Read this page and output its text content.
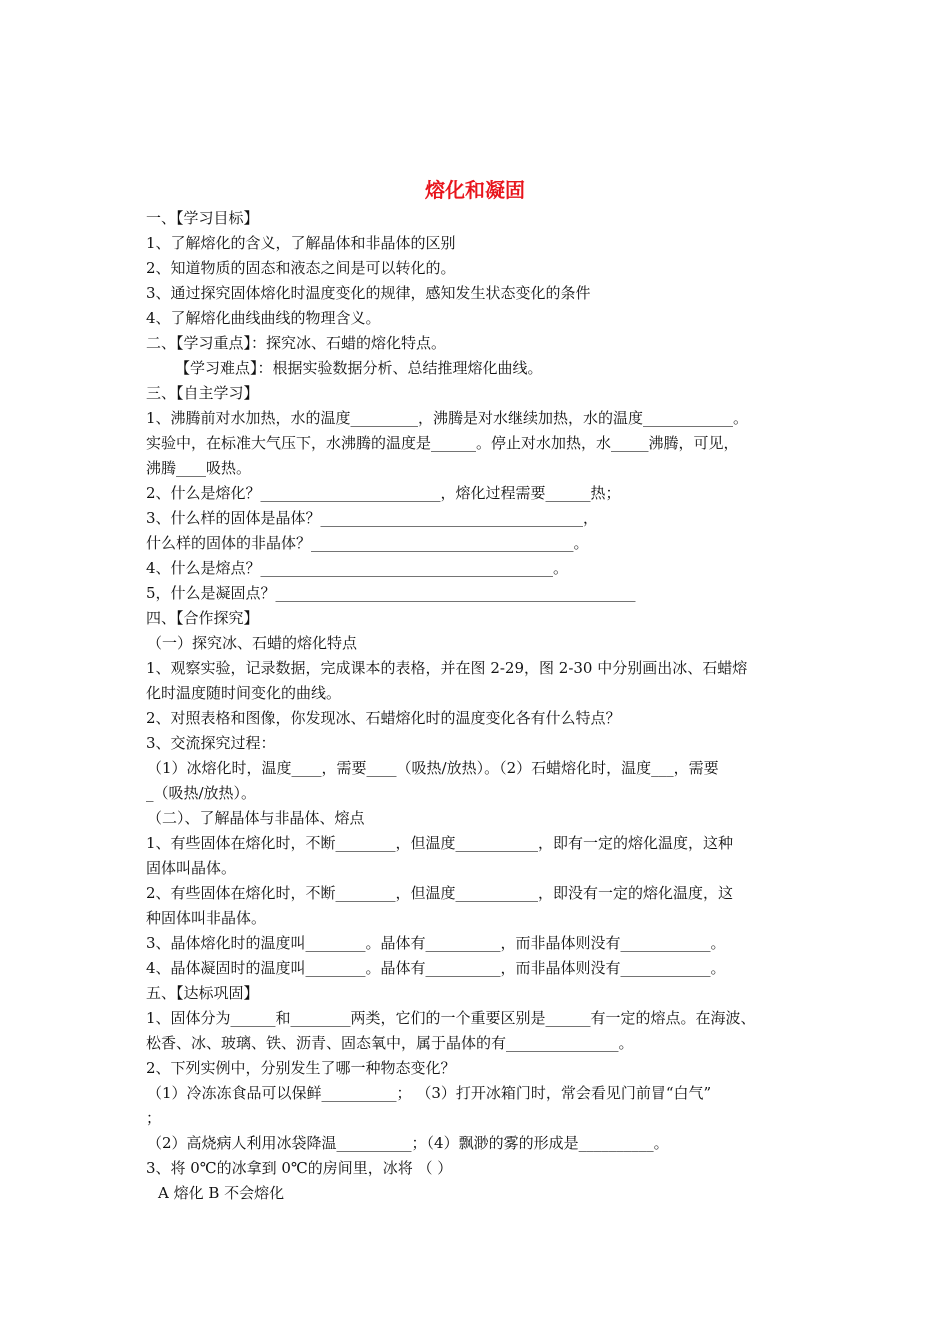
熔化和凝固
一、【学习目标】
1、了解熔化的含义，了解晶体和非晶体的区别
2、知道物质的固态和液态之间是可以转化的。
3、通过探究固体熔化时温度变化的规律，感知发生状态变化的条件
4、了解熔化曲线曲线的物理含义。
二、【学习重点】：探究冰、石蜡的熔化特点。
【学习难点】：根据实验数据分析、总结推理熔化曲线。
三、【自主学习】
1、沸腾前对水加热，水的温度_________，沸腾是对水继续加热，水的温度____________。
实验中，在标准大气压下，水沸腾的温度是______。停止对水加热，水_____沸腾，可见，
沸腾____吸热。
2、什么是熔化？________________________，熔化过程需要______热；
3、什么样的固体是晶体？___________________________________，
什么样的固体的非晶体？___________________________________。
4、什么是熔点？_______________________________________。
5，什么是凝固点？________________________________________________
四、【合作探究】
（一）探究冰、石蜡的熔化特点
1、观察实验，记录数据，完成课本的表格，并在图 2-29，图 2-30 中分别画出冰、石蜡熔
化时温度随时间变化的曲线。
2、对照表格和图像，你发现冰、石蜡熔化时的温度变化各有什么特点？
3、交流探究过程：
（1）冰熔化时，温度____，需要____（吸热/放热）。（2）石蜡熔化时，温度___，需要
_（吸热/放热）。
（二）、了解晶体与非晶体、熔点
1、有些固体在熔化时，不断________，但温度___________，即有一定的熔化温度，这种
固体叫晶体。
2、有些固体在熔化时，不断________，但温度___________，即没有一定的熔化温度，这
种固体叫非晶体。
3、晶体熔化时的温度叫________。晶体有__________，而非晶体则没有____________。
4、晶体凝固时的温度叫________。晶体有__________，而非晶体则没有____________。
五、【达标巩固】
1、固体分为______和________两类，它们的一个重要区别是______有一定的熔点。在海波、
松香、冰、玻璃、铁、沥青、固态氧中，属于晶体的有_______________。
2、下列实例中，分别发生了哪一种物态变化？
（1）冷冻冻食品可以保鲜__________； （3）打开冰箱门时，常会看见门前冒“白气”
；
（2）高烧病人利用冰袋降温__________；（4）飘渺的雾的形成是__________。
3、将 0℃的冰拿到 0℃的房间里，冰将 （ ）
A 熔化 B 不会熔化
